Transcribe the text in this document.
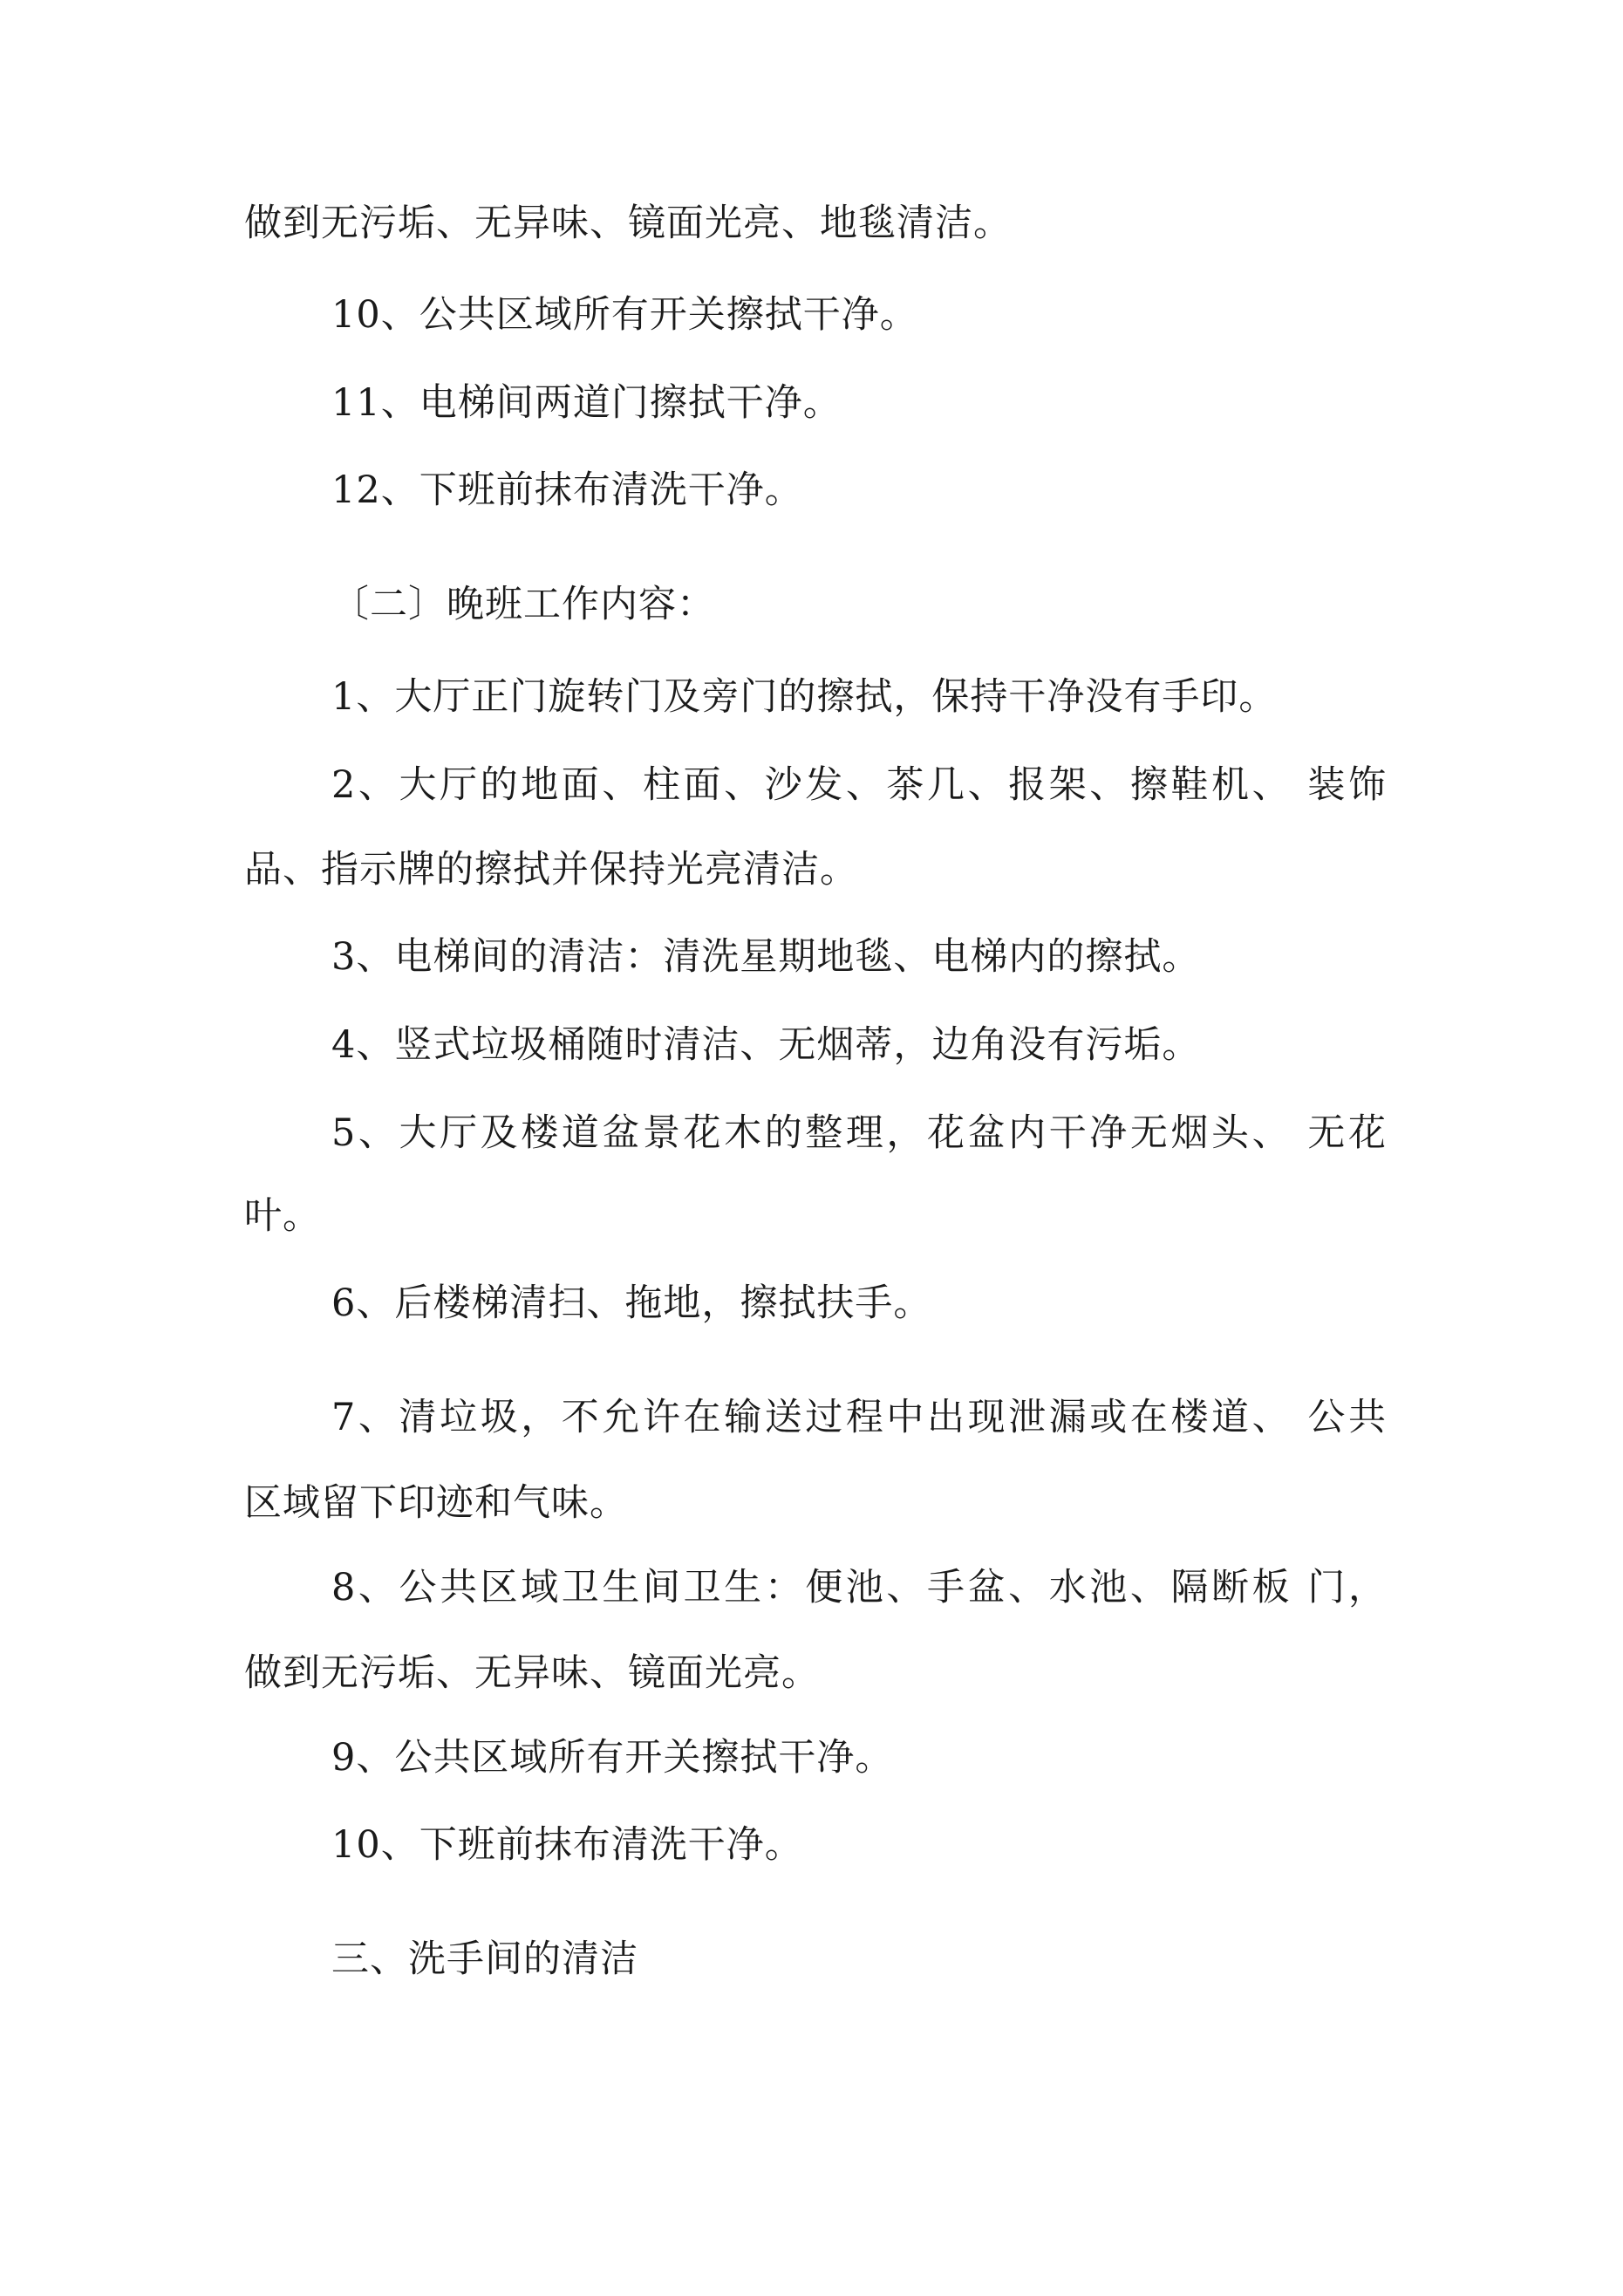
做到无污垢、无异味、镜面光亮、地毯清洁。
10、公共区域所有开关擦拭干净。
11、电梯间两道门擦拭干净。
12、下班前抹布清洗干净。
〔二〕晚班工作内容：
1、大厅正门旋转门及旁门的擦拭，保持干净没有手印。
2、大厅的地面、柱面、沙发、茶几、报架、擦鞋机、 装饰
品、指示牌的擦拭并保持光亮清洁。
3、电梯间的清洁：清洗星期地毯、电梯内的擦拭。
4、竖式垃圾桶随时清洁、无烟蒂，边角没有污垢。
5、大厅及楼道盆景花木的整理，花盆内干净无烟头、 无花
叶。
6、后楼梯清扫、拖地，擦拭扶手。
7、清垃圾，不允许在输送过程中出现泄漏或在楼道、 公共
区域留下印迹和气味。
8、公共区域卫生间卫生：便池、手盆、水池、隔断板 门，
做到无污垢、无异味、镜面光亮。
9、公共区域所有开关擦拭干净。
10、下班前抹布清洗干净。
三、洗手间的清洁
